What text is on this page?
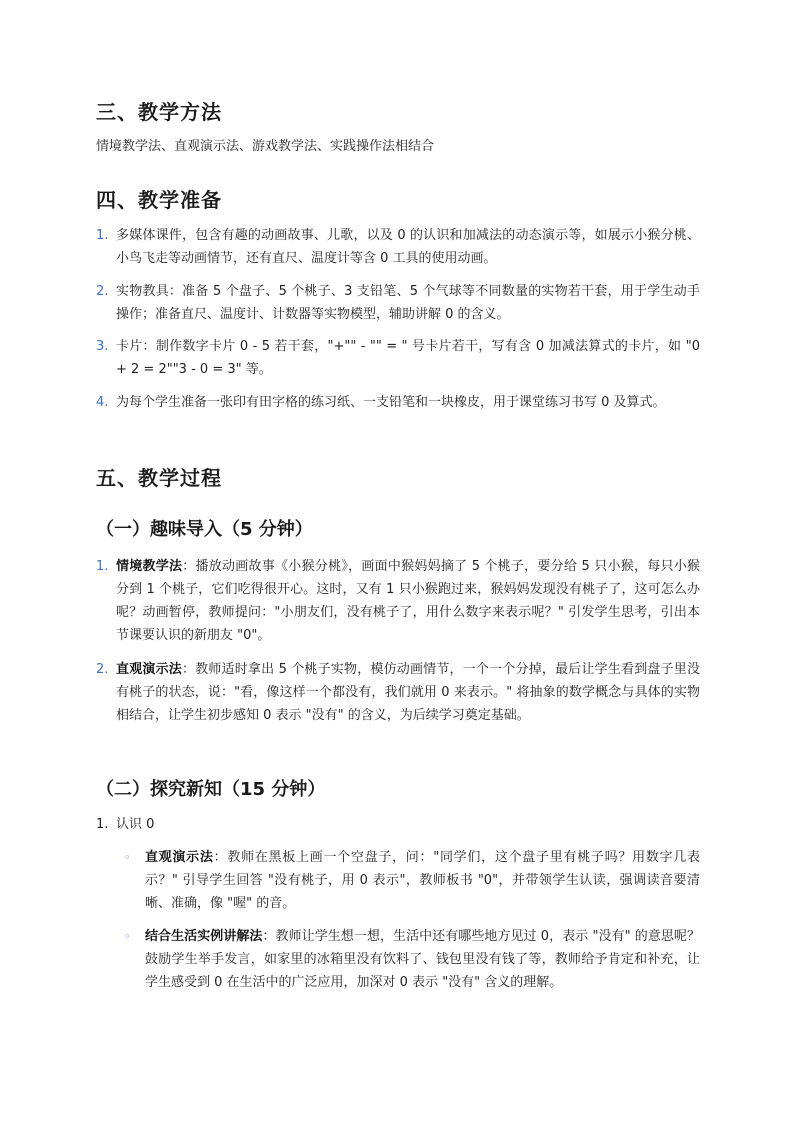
三、教学方法

情境教学法、直观演示法、游戏教学法、实践操作法相结合

四、教学准备
1. 多媒体课件，包含有趣的动画故事、儿歌，以及 0 的认识和加减法的动态演示等，如展示小猴分桃、小鸟飞走等动画情节，还有直尺、温度计等含 0 工具的使用动画。

2. 实物教具：准备 5 个盘子、5 个桃子、3 支铅笔、5 个气球等不同数量的实物若干套，用于学生动手操作；准备直尺、温度计、计数器等实物模型，辅助讲解 0 的含义。

3. 卡片：制作数字卡片 0 - 5 若干套，"+"" - "" = " 号卡片若干，写有含 0 加减法算式的卡片，如 "0 + 2 = 2""3 - 0 = 3" 等。

4. 为每个学生准备一张印有田字格的练习纸、一支铅笔和一块橡皮，用于课堂练习书写 0 及算式。

五、教学过程
（一）趣味导入（5 分钟）
1. 情境教学法：播放动画故事《小猴分桃》，画面中猴妈妈摘了 5 个桃子，要分给 5 只小猴，每只小猴分到 1 个桃子，它们吃得很开心。这时，又有 1 只小猴跑过来，猴妈妈发现没有桃子了，这可怎么办呢？动画暂停，教师提问："小朋友们，没有桃子了，用什么数字来表示呢？" 引发学生思考，引出本节课要认识的新朋友 "0"。

2. 直观演示法：教师适时拿出 5 个桃子实物，模仿动画情节，一个一个分掉，最后让学生看到盘子里没有桃子的状态，说："看，像这样一个都没有，我们就用 0 来表示。" 将抽象的数学概念与具体的实物相结合，让学生初步感知 0 表示 "没有" 的含义，为后续学习奠定基础。

（二）探究新知（15 分钟）
1. 认识 0

◦ 直观演示法：教师在黑板上画一个空盘子，问："同学们，这个盘子里有桃子吗？用数字几表示？" 引导学生回答 "没有桃子，用 0 表示"，教师板书 "0"，并带领学生认读，强调读音要清晰、准确，像 "喔" 的音。

◦ 结合生活实例讲解法：教师让学生想一想，生活中还有哪些地方见过 0，表示 "没有" 的意思呢？鼓励学生举手发言，如家里的冰箱里没有饮料了、钱包里没有钱了等，教师给予肯定和补充，让学生感受到 0 在生活中的广泛应用，加深对 0 表示 "没有" 含义的理解。
